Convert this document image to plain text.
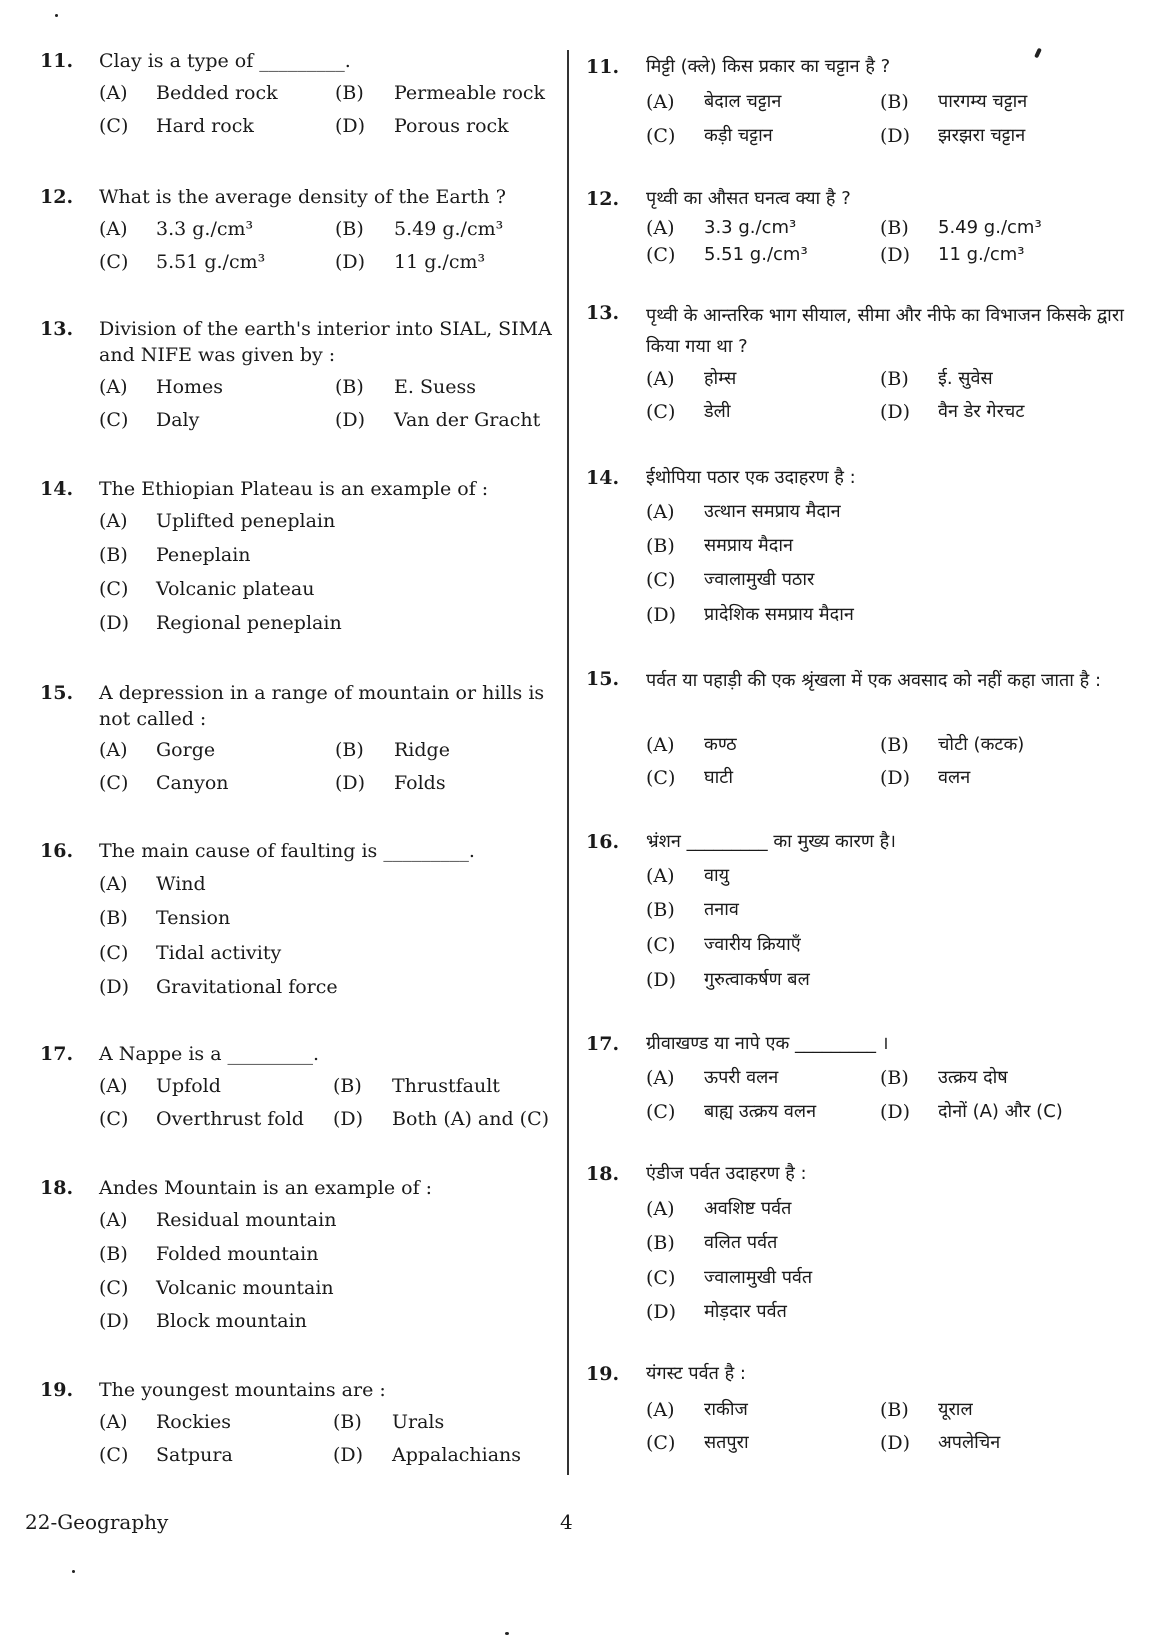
11. Clay is a type of _________.
(A) Bedded rock	(B) Permeable rock
(C) Hard rock	(D) Porous rock
12. What is the average density of the Earth ?
(A) 3.3 g./cm³	(B) 5.49 g./cm³
(C) 5.51 g./cm³	(D) 11 g./cm³
13. Division of the earth's interior into SIAL, SIMA and NIFE was given by :
(A) Homes	(B) E. Suess
(C) Daly	(D) Van der Gracht
14. The Ethiopian Plateau is an example of :
(A) Uplifted peneplain
(B) Peneplain
(C) Volcanic plateau
(D) Regional peneplain
15. A depression in a range of mountain or hills is not called :
(A) Gorge	(B) Ridge
(C) Canyon	(D) Folds
16. The main cause of faulting is _________.
(A) Wind
(B) Tension
(C) Tidal activity
(D) Gravitational force
17. A Nappe is a _________.
(A) Upfold	(B) Thrustfault
(C) Overthrust fold (D) Both (A) and (C)
18. Andes Mountain is an example of :
(A) Residual mountain
(B) Folded mountain
(C) Volcanic mountain
(D) Block mountain
19. The youngest mountains are :
(A) Rockies	(B) Urals
(C) Satpura	(D) Appalachians
11. मिट्टी (क्ले) किस प्रकार का चट्टान है ?
(A) बेदाल चट्टान	(B) पारगम्य चट्टान
(C) कड़ी चट्टान	(D) झरझरा चट्टान
12. पृथ्वी का औसत घनत्व क्या है ?
(A) 3.3 g./cm³	(B) 5.49 g./cm³
(C) 5.51 g./cm³	(D) 11 g./cm³
13. पृथ्वी के आन्तरिक भाग सीयाल, सीमा और नीफे का विभाजन किसके द्वारा किया गया था ?
(A) होम्स	(B) ई. सुवेस
(C) डेली	(D) वैन डेर गेरचट
14. ईथोपिया पठार एक उदाहरण है :
(A) उत्थान समप्राय मैदान
(B) समप्राय मैदान
(C) ज्वालामुखी पठार
(D) प्रादेशिक समप्राय मैदान
15. पर्वत या पहाड़ी की एक श्रृंखला में एक अवसाद को नहीं कहा जाता है :
(A) कण्ठ	(B) चोटी (कटक)
(C) घाटी	(D) वलन
16. भ्रंशन _________ का मुख्य कारण है।
(A) वायु
(B) तनाव
(C) ज्वारीय क्रियाएँ
(D) गुरुत्वाकर्षण बल
17. ग्रीवाखण्ड या नापे एक _________ ।
(A) ऊपरी वलन	(B) उत्क्रय दोष
(C) बाह्य उत्क्रय वलन	(D) दोनों (A) और (C)
18. एंडीज पर्वत उदाहरण है :
(A) अवशिष्ट पर्वत
(B) वलित पर्वत
(C) ज्वालामुखी पर्वत
(D) मोड़दार पर्वत
19. यंगस्ट पर्वत है :
(A) राकीज	(B) यूराल
(C) सतपुरा	(D) अपलेचिन
22-Geography	4
